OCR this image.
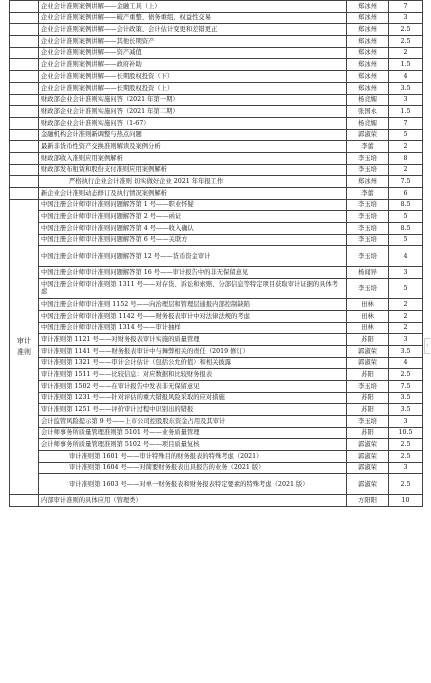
	企业会计准则案例讲解——金融工具（上）	郑冰州	7
	企业会计准则案例讲解——破产重整、债务重组、权益性交易	郑冰州	3
	企业会计准则案例讲解——会计政策、会计估计变更和差错更正	郑冰州	2.5
	企业会计准则案例讲解——其他长期资产	郑冰州	2.5
	企业会计准则案例讲解——资产减值	郑冰州	2
	企业会计准则案例讲解——政府补助	郑冰州	1.5
	企业会计准则案例讲解——长期股权投资（下）	郑冰州	4
	企业会计准则案例讲解——长期股权投资（上）	郑冰州	3.5
	财政部企业会计准则实施问答（2021 年第一期）	杨竞媚	3
	财政部企业会计准则实施问答（2021 年第二期）	张国永	1.5
	财政部企业会计准则实施问答（1-67）	杨竞媚	7
	金融机构会计准则新调整与热点问题	郭淑荣	5
	最新非货币性资产交换准则解读及案例分析	李蕾	2
	财政部收入准则应用案例解析	李玉培	8
	财政部发布租赁和股份支付准则应用案例解析	李玉培	2
	严格执行企业会计准则 切实做好企业 2021 年年报工作	郑冰州	7.5
	新企业会计准则动态修订及执行情况案例解析	李蕾	6
审计准则	中国注册会计师审计准则问题解答第 1 号——职业怀疑	李玉培	8.5
	中国注册会计师审计准则问题解答第 2 号——函证	李玉培	5
	中国注册会计师审计准则问题解答第 4 号——收入确认	李玉培	8.5
	中国注册会计师审计准则问题解答第 6 号——关联方	李玉培	5
	中国注册会计师审计准则问题解答第 12 号——货币资金审计	李玉培	4
	中国注册会计师审计准则问题解答第 16 号——审计报告中的非无保留意见	杨闻异	3
	中国注册会计师审计准则第 1311 号——对存货、诉讼和索赔、分部信息等特定项目获取审计证据的具体考虑	李玉培	5
	中国注册会计师审计准则 1152 号——向治理层和管理层通报内部控制缺陷	田林	2
	中国注册会计师审计准则第 1142 号——财务报表审计中对法律法规的考虑	田林	2
	中国注册会计师审计准则第 1314 号——审计抽样	田林	2
	审计准则第 1121 号——对财务报表审计实施的质量管理	苏阳	3
	审计准则第 1141 号——财务报表审计中与舞弊相关的责任（2019 修订）	郭淑荣	3.5
	审计准则第 1321 号——审计会计估计（包括公允价值）和相关披露	郭淑荣	4
	审计准则第 1511 号——比较信息：对应数据和比较财务报表	苏阳	2.5
	审计准则第 1502 号——在审计报告中发表非无保留意见	李玉培	7.5
	审计准则第 1231 号——针对评估的重大错报风险采取的应对措施	苏阳	3.5
	审计准则第 1251 号——评价审计过程中识别出的错报	苏阳	3.5
	会计监管风险提示第 9 号——上市公司控股股东资金占用及其审计	李玉培	3
	会计师事务所质量管理准则第 5101 号——业务质量管理	苏阳	10.5
	会计师事务所质量管理准则第 5102 号——项目质量复核	郭淑荣	2.5
	审计准则第 1601 号——审计特殊目的财务报表的特殊考虑（2021）	郭淑荣	2.5
	审计准则第 1604 号——对简要财务报表出具报告的业务（2021 版）	郭淑荣	3
	审计准则第 1603 号——对单一财务报表和财务报表特定要素的特殊考虑（2021 版）	郭淑荣	2.5
	内部审计准则的具体应用（管理类）	方阳阳	10
‹
